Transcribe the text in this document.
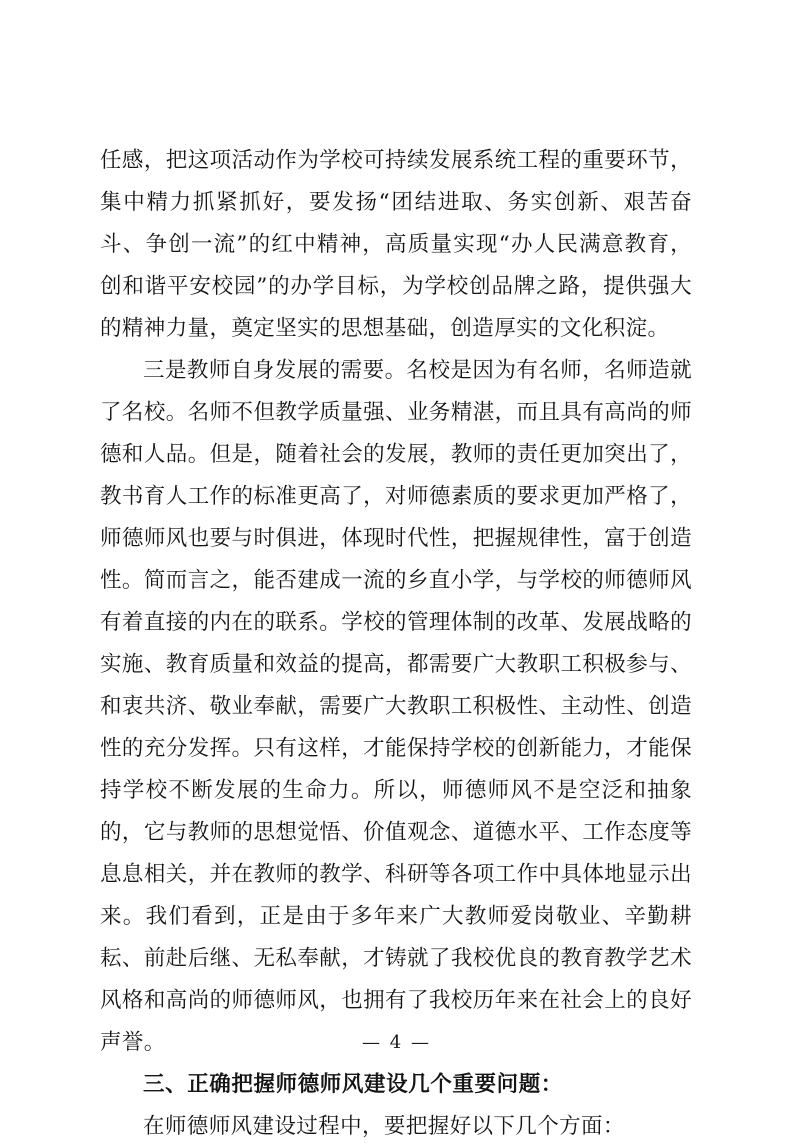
任感，把这项活动作为学校可持续发展系统工程的重要环节，集中精力抓紧抓好，要发扬“团结进取、务实创新、艰苦奋斗、争创一流”的红中精神，高质量实现“办人民满意教育，创和谐平安校园”的办学目标，为学校创品牌之路，提供强大的精神力量，奠定坚实的思想基础，创造厚实的文化积淀。

三是教师自身发展的需要。名校是因为有名师，名师造就了名校。名师不但教学质量强、业务精湛，而且具有高尚的师德和人品。但是，随着社会的发展，教师的责任更加突出了，教书育人工作的标准更高了，对师德素质的要求更加严格了，师德师风也要与时俱进，体现时代性，把握规律性，富于创造性。简而言之，能否建成一流的乡直小学，与学校的师德师风有着直接的内在的联系。学校的管理体制的改革、发展战略的实施、教育质量和效益的提高，都需要广大教职工积极参与、和衷共济、敬业奉献，需要广大教职工积极性、主动性、创造性的充分发挥。只有这样，才能保持学校的创新能力，才能保持学校不断发展的生命力。所以，师德师风不是空泛和抽象的，它与教师的思想觉悟、价值观念、道德水平、工作态度等息息相关，并在教师的教学、科研等各项工作中具体地显示出来。我们看到，正是由于多年来广大教师爱岗敬业、辛勤耕耘、前赴后继、无私奉献，才铸就了我校优良的教育教学艺术风格和高尚的师德师风，也拥有了我校历年来在社会上的良好声誉。

三、正确把握师德师风建设几个重要问题：

在师德师风建设过程中，要把握好以下几个方面：

— 4 —
